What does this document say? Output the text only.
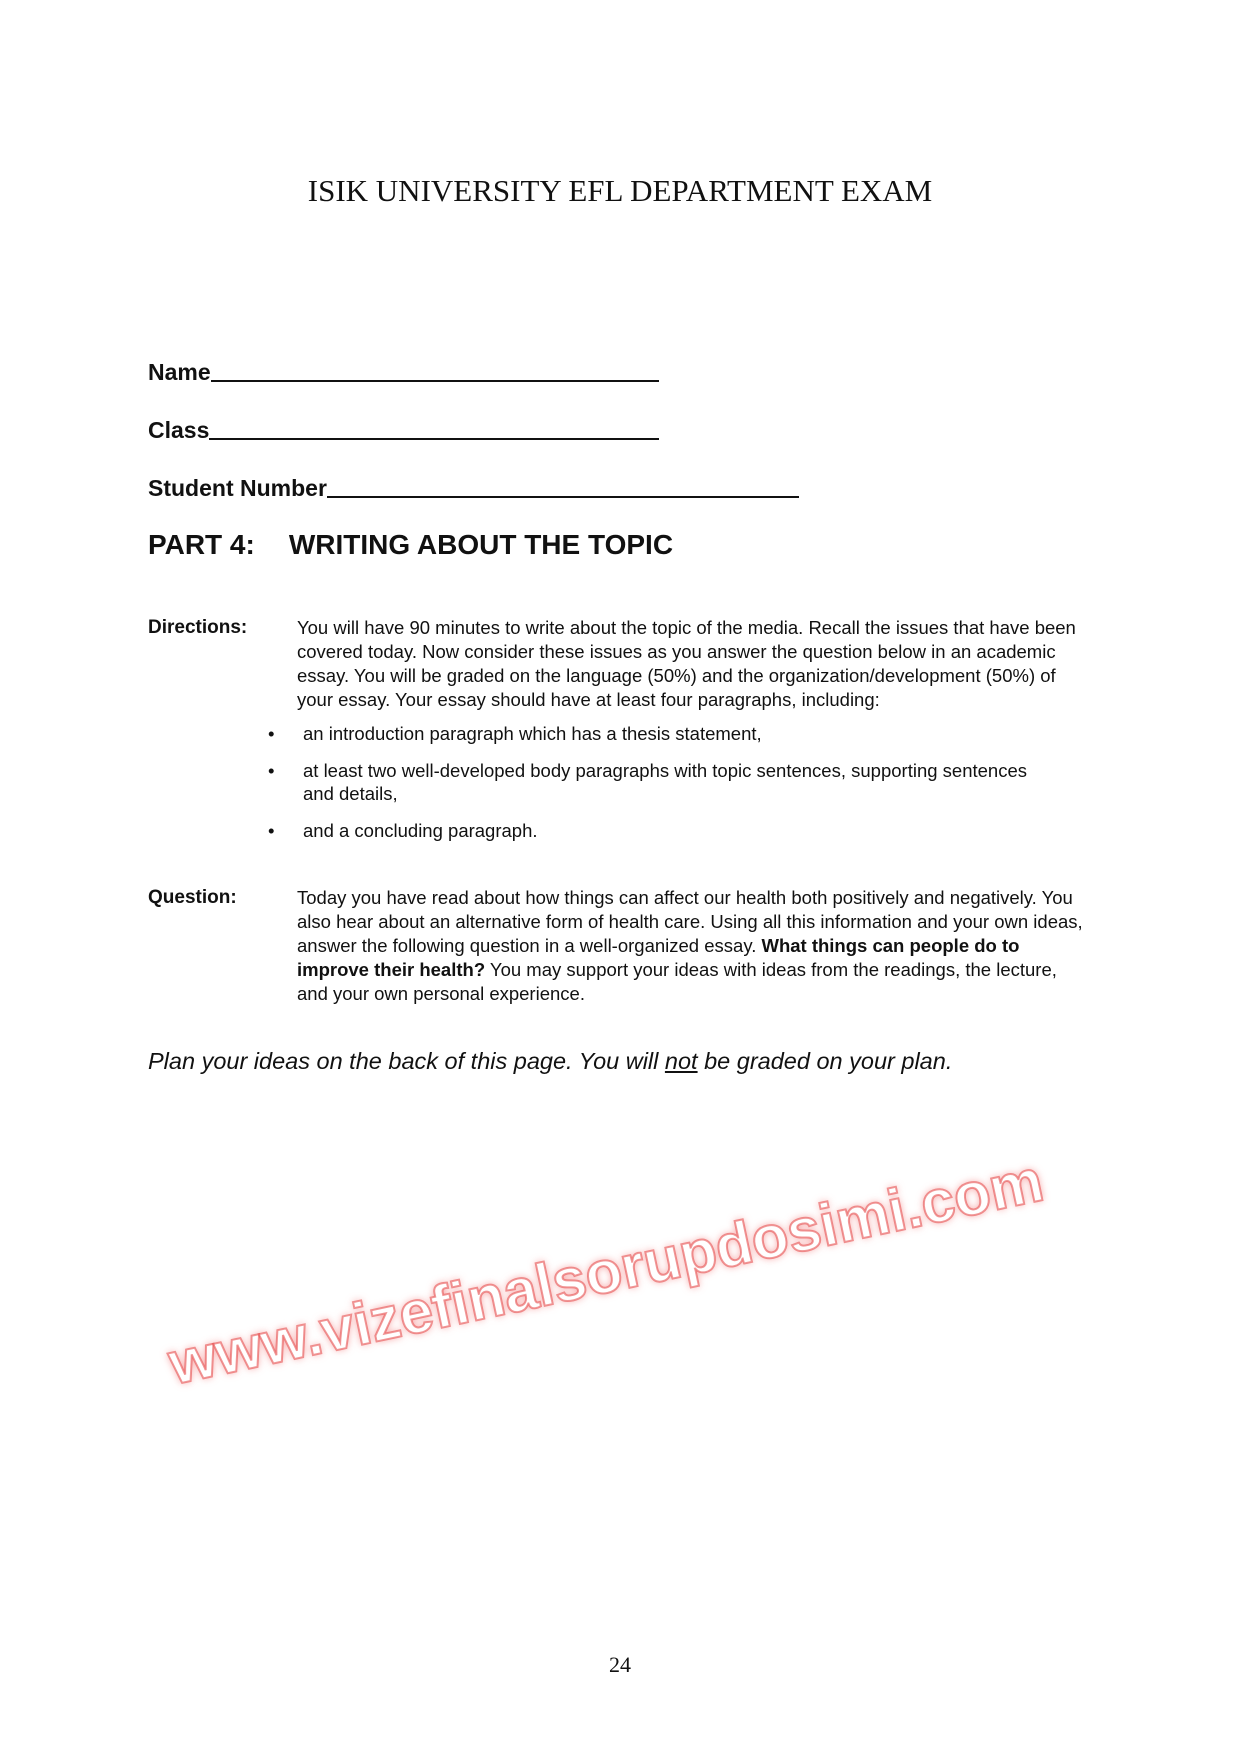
ISIK UNIVERSITY EFL DEPARTMENT EXAM
Name
Class
Student Number
PART 4: WRITING ABOUT THE TOPIC
Directions:	You will have 90 minutes to write about the topic of the media. Recall the issues that have been covered today. Now consider these issues as you answer the question below in an academic essay. You will be graded on the language (50%) and the organization/development (50%) of your essay. Your essay should have at least four paragraphs, including:
•	an introduction paragraph which has a thesis statement,
•	at least two well-developed body paragraphs with topic sentences, supporting sentences and details,
•	and a concluding paragraph.
Question:	Today you have read about how things can affect our health both positively and negatively. You also hear about an alternative form of health care. Using all this information and your own ideas, answer the following question in a well-organized essay. What things can people do to improve their health? You may support your ideas with ideas from the readings, the lecture, and your own personal experience.
Plan your ideas on the back of this page. You will not be graded on your plan.
www.vizefinalsorupdosimi.com
24
